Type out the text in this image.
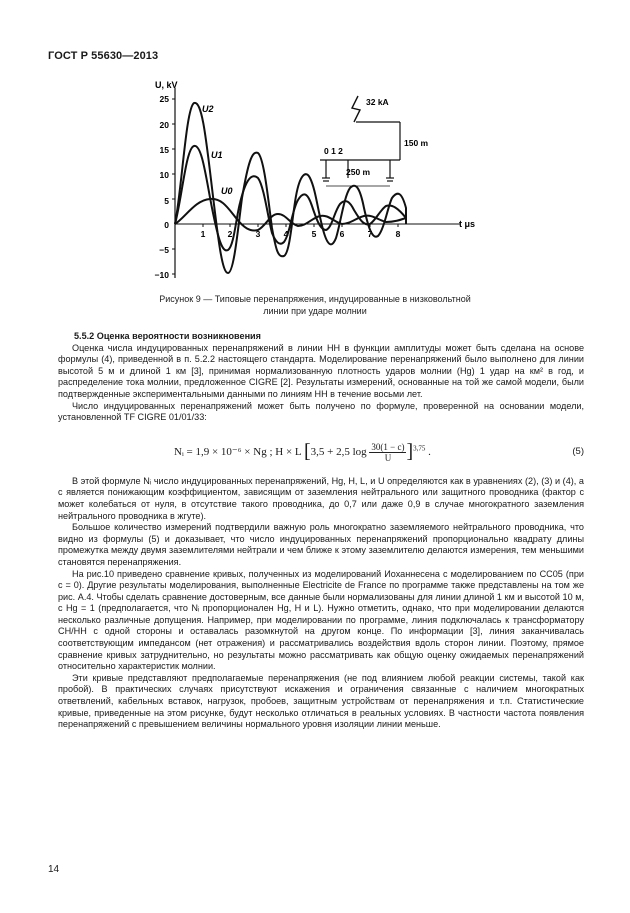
ГОСТ Р 55630—2013
U, kV
t μs
25
20
15
10
5
0
−5
−10
1	2	3	4	5	6	7	8
U2
U1
U0
32 kA
150 m
0 1 2
250 m
Рисунок 9 — Типовые перенапряжения, индуцированные в низковольтной
линии при ударе молнии

5.5.2 Оценка вероятности возникновения

Оценка числа индуцированных перенапряжений в линии НН в функции амплитуды может быть сделана на основе формулы (4), приведенной в п. 5.2.2 настоящего стандарта. Моделирование перенапряжений было выполнено для линии высотой 5 м и длиной 1 км [3], принимая нормализованную плотность ударов молнии (Hg) 1 удар на км² в год, и распределение тока молнии, предложенное CIGRE [2]. Результаты измерений, основанные на той же самой модели, были подтвержденные экспериментальными данными по линиям НН в течение восьми лет.

Число индуцированных перенапряжений может быть получено по формуле, проверенной на основании модели, установленной TF CIGRE 01/01/33:

Nᵢ = 1,9 × 10⁻⁶ × Ng ; H × L [3,5 + 2,5 $\log \frac{30(1 - c)}{U} ]^{3,75}$ .	(5)

В этой формуле Nᵢ число индуцированных перенапряжений, Hg, H, L, и U определяются как в уравнениях (2), (3) и (4), а с является понижающим коэффициентом, зависящим от заземления нейтрального или защитного проводника (фактор с может колебаться от нуля, в отсутствие такого проводника, до 0,7 или даже 0,9 в случае многократного заземления нейтрального проводника в жгуте).

Большое количество измерений подтвердили важную роль многократно заземляемого нейтрального проводника, что видно из формулы (5) и доказывает, что число индуцированных перенапряжений пропорционально квадрату длины промежутка между двумя заземлителями нейтрали и чем ближе к этому заземлителю делаются измерения, тем меньшими становятся перенапряжения.

На рис.10 приведено сравнение кривых, полученных из моделирований Иоханнесена с моделированием по СС05 (при c = 0). Другие результаты моделирования, выполненные Electricite de France по программе также представлены на том же рис. А.4. Чтобы сделать сравнение достоверным, все данные были нормализованы для линии длиной 1 км и высотой 10 м, с Hg = 1 (предполагается, что Nᵢ пропорционален Hg, H и L). Нужно отметить, однако, что при моделировании делаются несколько различные допущения. Например, при моделировании по программе, линия подключалась к трансформатору СН/НН с одной стороны и оставалась разомкнутой на другом конце. По информации [3], линия заканчивалась соответствующим импедансом (нет отражения) и рассматривались воздействия вдоль сторон линии. Поэтому, прямое сравнение кривых затруднительно, но результаты можно рассматривать как общую оценку ожидаемых перенапряжений относительно характеристик молнии.

Эти кривые представляют предполагаемые перенапряжения (не под влиянием любой реакции системы, такой как пробой). В практических случаях присутствуют искажения и ограничения связанные с наличием многократных ответвлений, кабельных вставок, нагрузок, пробоев, защитным устройствам от перенапряжения и т.п. Статистические кривые, приведенные на этом рисунке, будут несколько отличаться в реальных условиях. В частности частота появления перенапряжений с превышением величины нормального уровня изоляции линии меньше.

14
